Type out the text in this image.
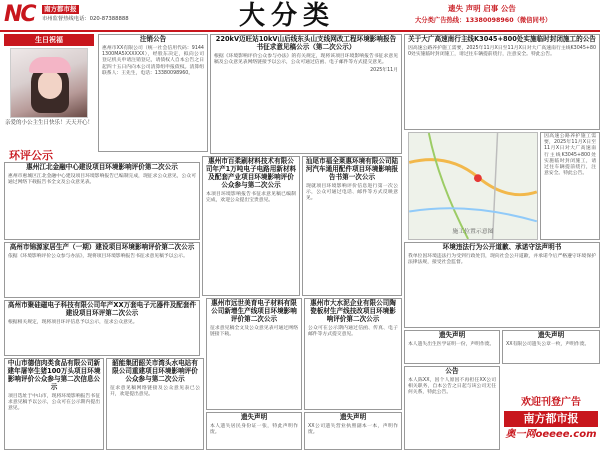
NC	南方都市报
市州监督热线电话：020-87388888	大分类	遗失 声明 启事 公告
大分类广告热线：13380098960（微信同号）
生日祝福
亲爱的小公主生日快乐！天天开心！
注销公告
惠州市XX有限公司（统一社会信用代码：91441300MA5XXXXXX），经股东决定，拟向公司登记机关申请注销登记，请债权人自本公告之日起四十五日内向本公司清算组申报债权。清算组联系人：王先生，电话：13380098960。
220kV迈旺站10kV山后线东头山支线网改工程环境影响报告书征求意见稿公示（第二次公示）
根据《环境影响评价公众参与办法》的有关规定，现将该项目环境影响报告书征求意见稿及公众意见表网络链接予以公示，公众可通过信函、电子邮件等方式提交意见。
2025年11月
关于大广高速南行主线K3045+800处实施临时封闭施工的公告
因高速公路养护施工需要，2025年11月X日至11月X日对大广高速南行主线K3045+800处实施临时封闭施工，请过往车辆提前绕行，注意安全。特此公告。
施工位置示意图
因高速公路养护施工需要，2025年11月X日至11月X日对大广高速南行主线K3045+800处实施临时封闭施工，请过往车辆提前绕行，注意安全。特此公告。
环评公示
惠州江北金融中心建设项目环境影响评价第二次公示
惠州市惠城区江北金融中心建设项目环境影响报告已编制完成，现征求公众意见，公众可通过网络下载报告书全文及公众意见表。
高州市锦源家居生产（一期）建设项目环境影响评价第二次公示
依据《环境影响评价公众参与办法》，现将项目环境影响报告书征求意见稿予以公示。
高州市聚硅磁电子科技有限公司年产XX万套电子元器件及配套件建设项目环评第二次公示
根据相关规定，现将项目环评信息予以公示，征求公众意见。
中山市德信肉类食品有限公司新建年屠宰生猪100万头项目环境影响评价公众参与第二次信息公示
项目选址于中山市，现将环境影响报告书征求意见稿予以公示，公众可在公示期内提出意见。
韶能集团韶关市湾头水电站有限公司重建项目环境影响评价公众参与第二次公示
征求意见稿网络链接及公众意见表已公开，欢迎提出意见。
惠州市百柔刷材料技术有限公司年产1万吨电子电路用新材料及配套产业项目环境影响评价公众参与第二次公示
本项目环境影响报告书征求意见稿已编制完成，欢迎公众提出宝贵意见。
汕尾市福全莱惠环境有限公司陆河汽车通用配件项目环境影响报告书第一次公示
现就项目环境影响评价信息进行第一次公示，公众可通过电话、邮件等方式反映意见。
惠州市远世美育电子材料有限公司新增生产线项目环境影响评价第二次公示
征求意见稿全文及公众意见表可通过网络链接下载。
惠州市大水泥企业有限公司陶瓷板材生产线技改项目环境影响评价第二次公示
公众可在公示期内通过信函、传真、电子邮件等方式提交意见。
遗失声明
本人遗失居民身份证一张，特此声明作废。
遗失声明
XX公司遗失营业执照副本一本，声明作废。
环境违法行为公开道歉、承诺守法声明书
我单位因环境违法行为受到行政处罚，现向社会公开道歉，并承诺今后严格遵守环境保护法律法规，接受社会监督。
遗失声明
本人遗失出生医学证明一份，声明作废。
遗失声明
XX有限公司遗失公章一枚，声明作废。
公告
本人陈XX，因个人原因不再担任XX公司相关职务，自本公告之日起与该公司无任何关系，特此公告。
欢迎刊登广告
南方都市报
奥一网oeeee.com
